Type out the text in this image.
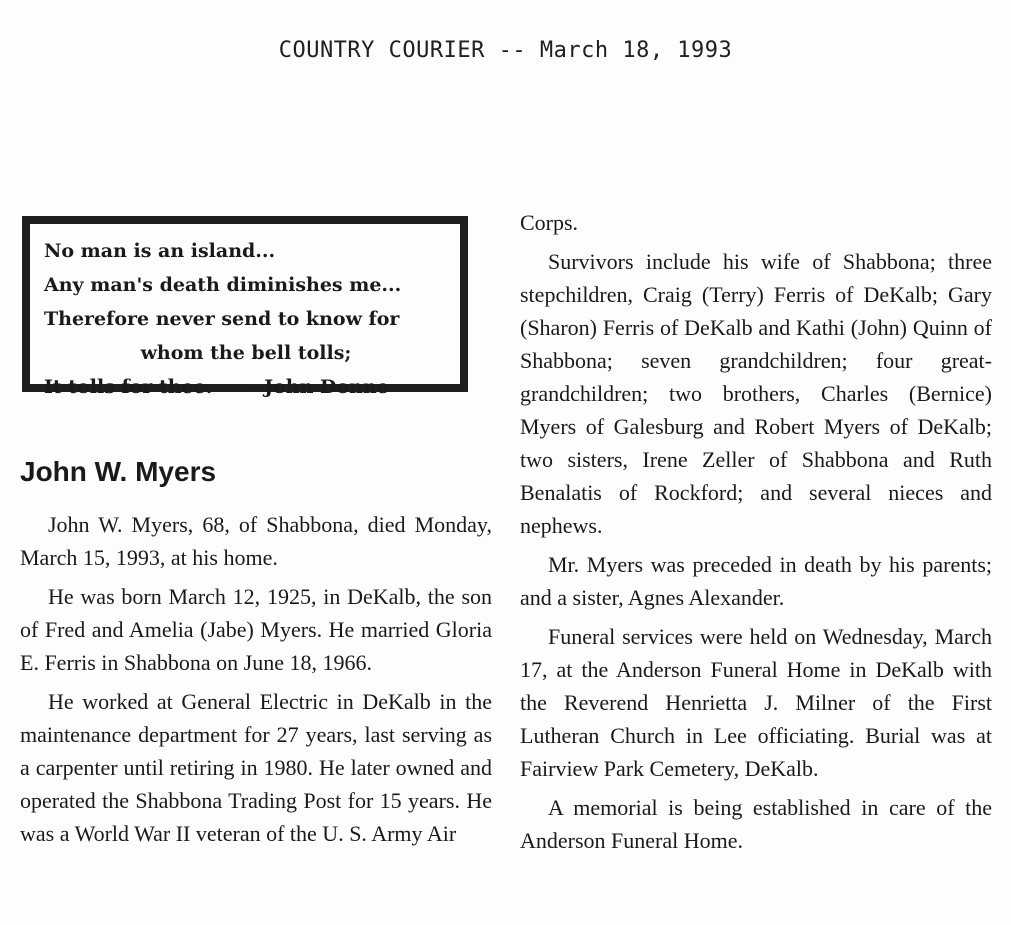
COUNTRY COURIER -- March 18, 1993
No man is an island...
Any man's death diminishes me...
Therefore never send to know for
whom the bell tolls;
It tolls for thee. --John Donne
John W. Myers

John W. Myers, 68, of Shabbona, died Monday, March 15, 1993, at his home.

He was born March 12, 1925, in DeKalb, the son of Fred and Amelia (Jabe) Myers. He married Gloria E. Ferris in Shabbona on June 18, 1966.

He worked at General Electric in DeKalb in the maintenance department for 27 years, last serving as a carpenter until retiring in 1980. He later owned and operated the Shabbona Trading Post for 15 years. He was a World War II veteran of the U. S. Army Air

Corps.

Survivors include his wife of Shabbona; three stepchildren, Craig (Terry) Ferris of DeKalb; Gary (Sharon) Ferris of DeKalb and Kathi (John) Quinn of Shabbona; seven grandchildren; four great-grandchildren; two brothers, Charles (Bernice) Myers of Galesburg and Robert Myers of DeKalb; two sisters, Irene Zeller of Shabbona and Ruth Benalatis of Rockford; and several nieces and nephews.

Mr. Myers was preceded in death by his parents; and a sister, Agnes Alexander.

Funeral services were held on Wednesday, March 17, at the Anderson Funeral Home in DeKalb with the Reverend Henrietta J. Milner of the First Lutheran Church in Lee officiating. Burial was at Fairview Park Cemetery, DeKalb.

A memorial is being established in care of the Anderson Funeral Home.
